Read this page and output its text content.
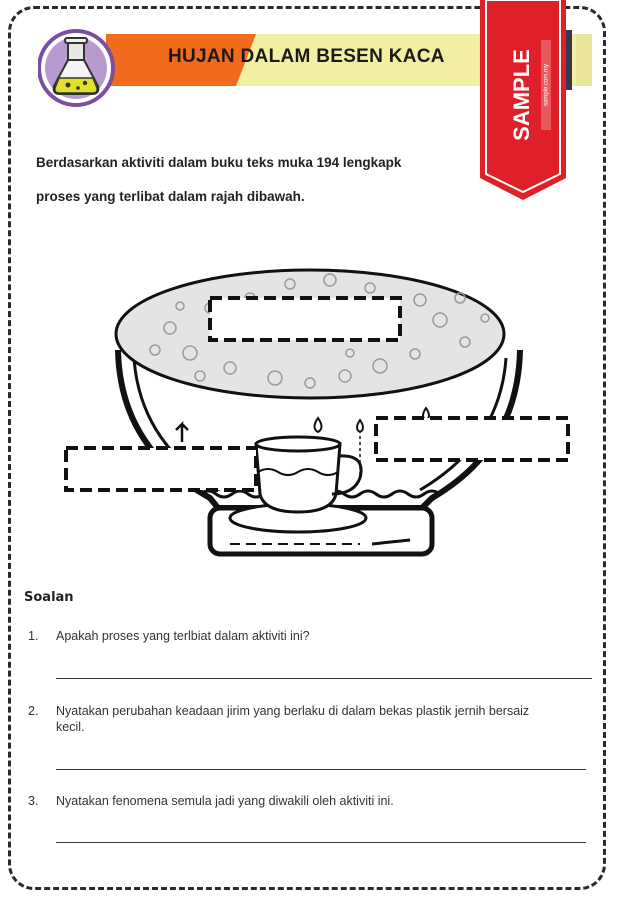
HUJAN DALAM BESEN KACA	SAMPLE sample.com.my
Berdasarkan aktiviti dalam buku teks muka 194 lengkapk
proses yang terlibat dalam rajah dibawah.
Soalan
1. Apakah proses yang terlbiat dalam aktiviti ini?
2. Nyatakan perubahan keadaan jirim yang berlaku di dalam bekas plastik jernih bersaiz kecil.
3. Nyatakan fenomena semula jadi yang diwakili oleh aktiviti ini.
